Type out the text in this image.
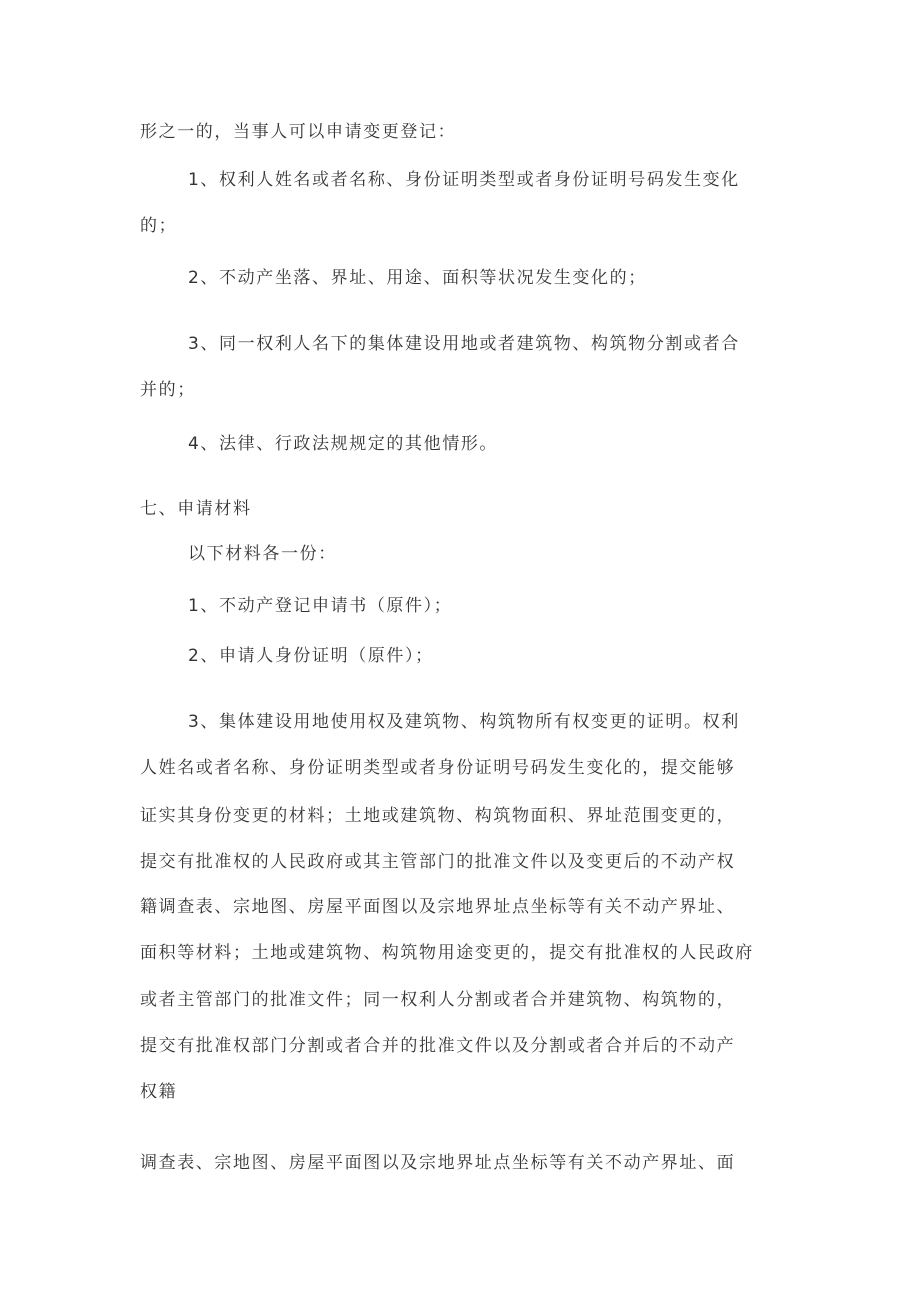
形之一的，当事人可以申请变更登记：
1、权利人姓名或者名称、身份证明类型或者身份证明号码发生变化
的；
2、不动产坐落、界址、用途、面积等状况发生变化的；
3、同一权利人名下的集体建设用地或者建筑物、构筑物分割或者合
并的；
4、法律、行政法规规定的其他情形。
七、申请材料
以下材料各一份：
1、不动产登记申请书（原件）；
2、申请人身份证明（原件）；
3、集体建设用地使用权及建筑物、构筑物所有权变更的证明。权利
人姓名或者名称、身份证明类型或者身份证明号码发生变化的，提交能够
证实其身份变更的材料；土地或建筑物、构筑物面积、界址范围变更的，
提交有批准权的人民政府或其主管部门的批准文件以及变更后的不动产权
籍调查表、宗地图、房屋平面图以及宗地界址点坐标等有关不动产界址、
面积等材料；土地或建筑物、构筑物用途变更的，提交有批准权的人民政府
或者主管部门的批准文件；同一权利人分割或者合并建筑物、构筑物的，
提交有批准权部门分割或者合并的批准文件以及分割或者合并后的不动产
权籍
调查表、宗地图、房屋平面图以及宗地界址点坐标等有关不动产界址、面
